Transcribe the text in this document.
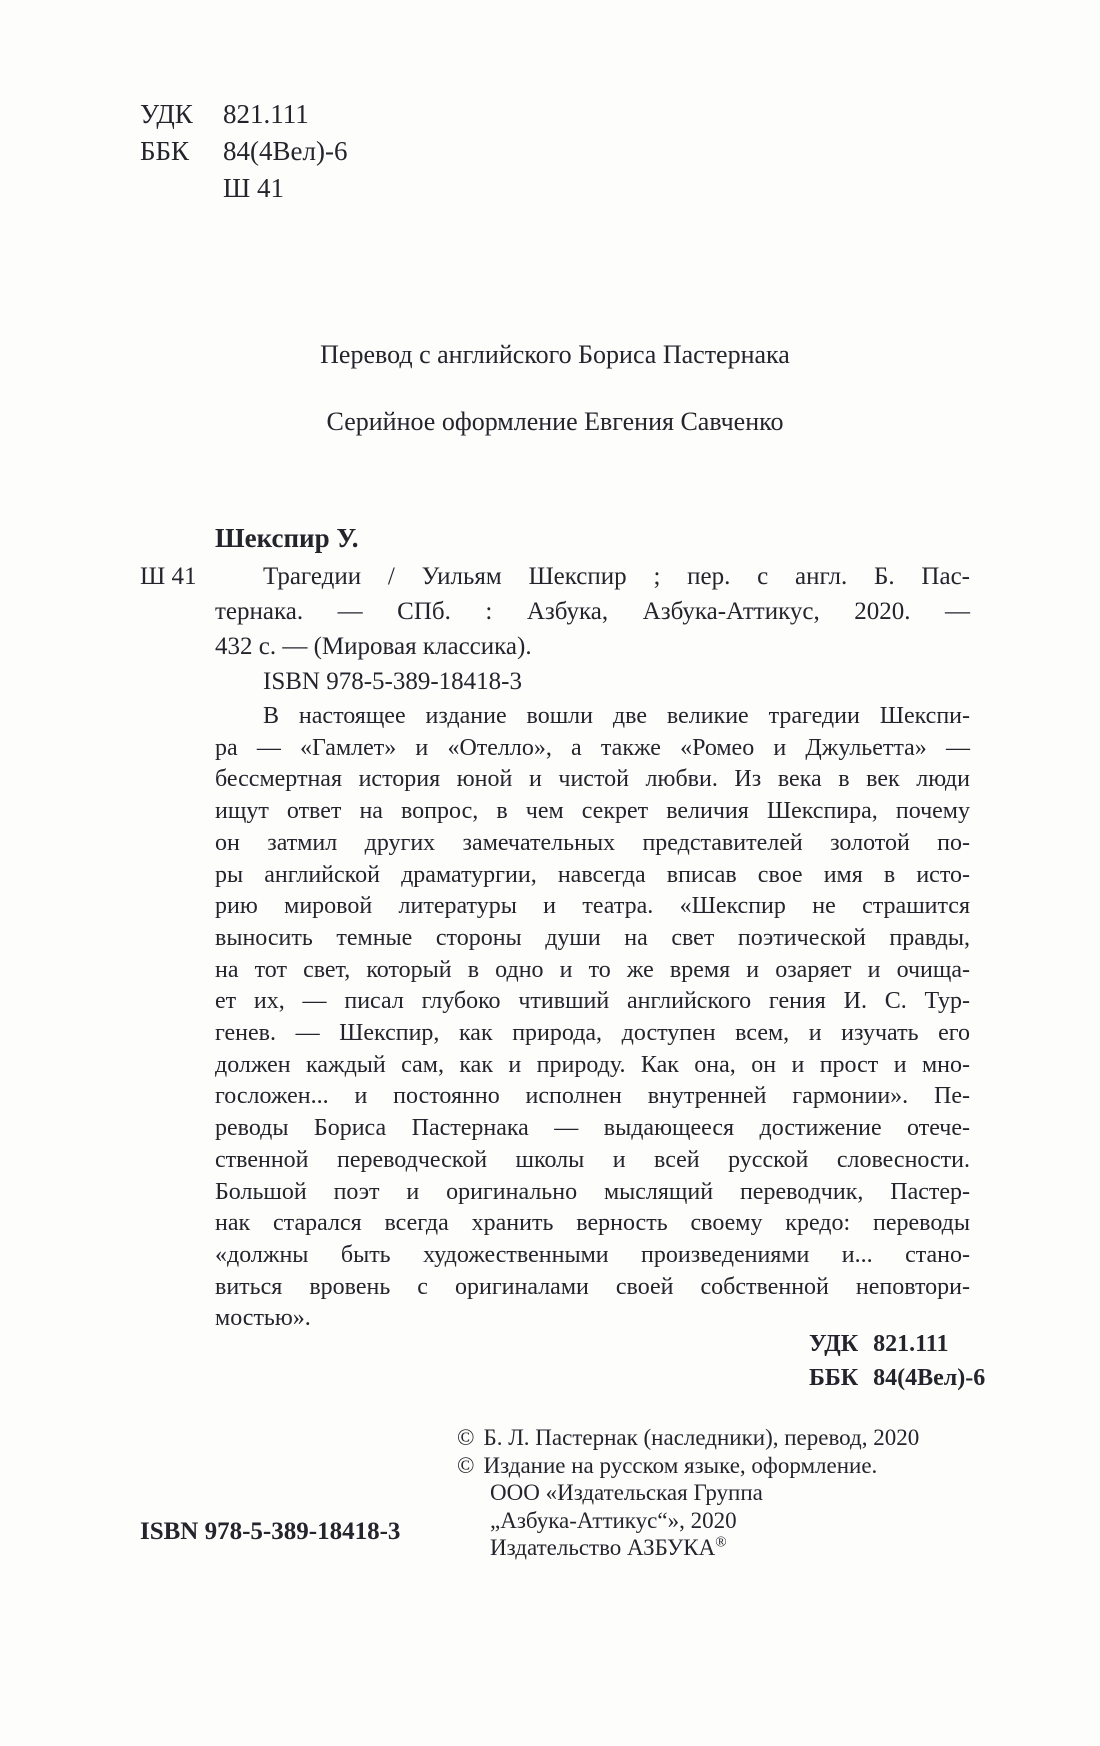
УДК 821.111
ББК 84(4Вел)-6
Ш 41
Перевод с английского Бориса Пастернака
Серийное оформление Евгения Савченко
Шекспир У.
Ш 41	Трагедии / Уильям Шекспир ; пер. с англ. Б. Пас-
тернака. — СПб. : Азбука, Азбука-Аттикус, 2020. —
432 с. — (Мировая классика).
ISBN 978-5-389-18418-3
В настоящее издание вошли две великие трагедии Шекспи-
ра — «Гамлет» и «Отелло», а также «Ромео и Джульетта» —
бессмертная история юной и чистой любви. Из века в век люди
ищут ответ на вопрос, в чем секрет величия Шекспира, почему
он затмил других замечательных представителей золотой по-
ры английской драматургии, навсегда вписав свое имя в исто-
рию мировой литературы и театра. «Шекспир не страшится
выносить темные стороны души на свет поэтической правды,
на тот свет, который в одно и то же время и озаряет и очища-
ет их, — писал глубоко чтивший английского гения И. С. Тур-
генев. — Шекспир, как природа, доступен всем, и изучать его
должен каждый сам, как и природу. Как она, он и прост и мно-
госложен... и постоянно исполнен внутренней гармонии». Пе-
реводы Бориса Пастернака — выдающееся достижение отече-
ственной переводческой школы и всей русской словесности.
Большой поэт и оригинально мыслящий переводчик, Пастер-
нак старался всегда хранить верность своему кредо: переводы
«должны быть художественными произведениями и... стано-
виться вровень с оригиналами своей собственной неповтори-
мостью».
УДК 821.111
ББК 84(4Вел)-6
© Б. Л. Пастернак (наследники), перевод, 2020
© Издание на русском языке, оформление.
ООО «Издательская Группа
„Азбука-Аттикус“», 2020
Издательство АЗБУКА®
ISBN 978-5-389-18418-3
